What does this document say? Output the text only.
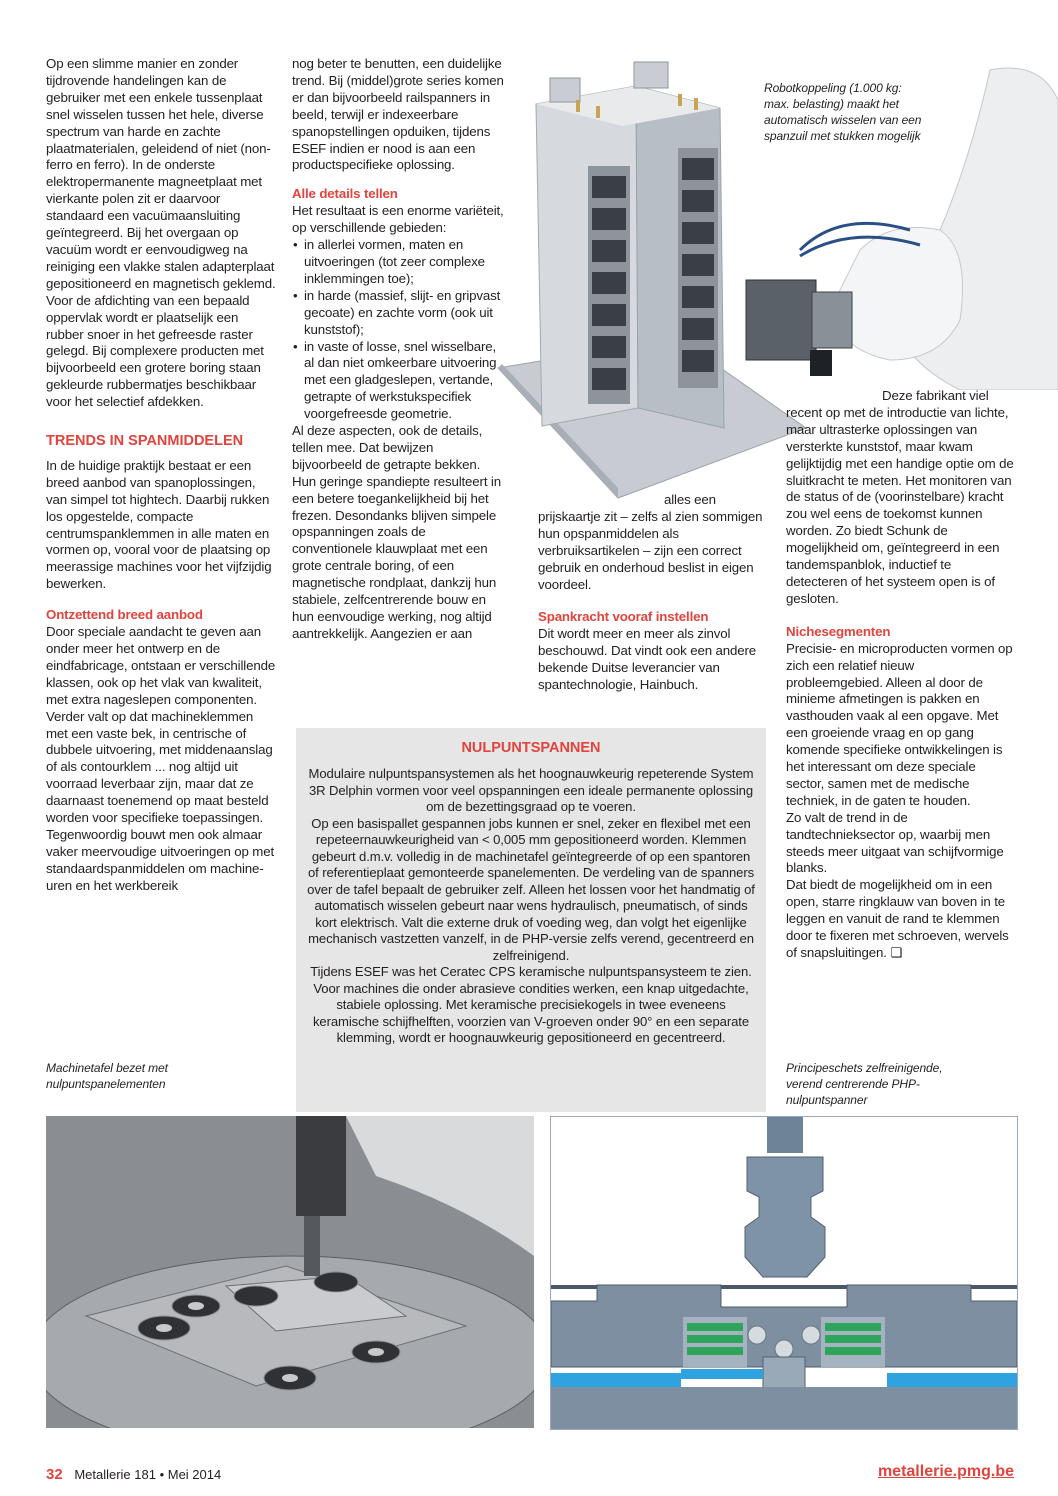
Op een slimme manier en zonder tijdrovende handelingen kan de gebruiker met een enkele tussenplaat snel wisselen tussen het hele, diverse spectrum van harde en zachte plaatmaterialen, geleidend of niet (non-ferro en ferro). In de onderste elektropermanente magneetplaat met vierkante polen zit er daarvoor standaard een vacuümaansluiting geïntegreerd. Bij het overgaan op vacuüm wordt er eenvoudigweg na reiniging een vlakke stalen adapterplaat gepositioneerd en magnetisch geklemd. Voor de afdichting van een bepaald oppervlak wordt er plaatselijk een rubber snoer in het gefreesde raster gelegd. Bij complexere producten met bijvoorbeeld een grotere boring staan gekleurde rubbermatjes beschikbaar voor het selectief afdekken.

TRENDS IN SPANMIDDELEN

In de huidige praktijk bestaat er een breed aanbod van spanoplossingen, van simpel tot hightech. Daarbij rukken los opgestelde, compacte centrumspanklemmen in alle maten en vormen op, vooral voor de plaatsing op meerassige machines voor het vijfzijdig bewerken.

Ontzettend breed aanbod

Door speciale aandacht te geven aan onder meer het ontwerp en de eindfabricage, ontstaan er verschillende klassen, ook op het vlak van kwaliteit, met extra nageslepen componenten. Verder valt op dat machineklemmen met een vaste bek, in centrische of dubbele uitvoering, met middenaanslag of als contourklem ... nog altijd uit voorraad leverbaar zijn, maar dat ze daarnaast toenemend op maat besteld worden voor specifieke toepassingen. Tegenwoordig bouwt men ook almaar vaker meervoudige uitvoeringen op met standaardspanmiddelen om machine-uren en het werkbereik

nog beter te benutten, een duidelijke trend. Bij (middel)grote series komen er dan bijvoorbeeld railspanners in beeld, terwijl er indexeerbare spanopstellingen opduiken, tijdens ESEF indien er nood is aan een productspecifieke oplossing.

Alle details tellen

Het resultaat is een enorme variëteit, op verschillende gebieden:

• in allerlei vormen, maten en uitvoeringen (tot zeer complexe inklemmingen toe);

• in harde (massief, slijt- en gripvast gecoate) en zachte vorm (ook uit kunststof);

• in vaste of losse, snel wisselbare, al dan niet omkeerbare uitvoering met een gladgeslepen, vertande, getrapte of werkstukspecifiek voorgefreesde geometrie.

Al deze aspecten, ook de details, tellen mee. Dat bewijzen bijvoorbeeld de getrapte bekken. Hun geringe spandiepte resulteert in een betere toegankelijkheid bij het frezen. Desondanks blijven simpele opspanningen zoals de conventionele klauwplaat met een grote centrale boring, of een magnetische rondplaat, dankzij hun stabiele, zelfcentrerende bouw en hun eenvoudige werking, nog altijd aantrekkelijk. Aangezien er aan

Robotkoppeling (1.000 kg: max. belasting) maakt het automatisch wisselen van een spanzuil met stukken mogelijk

alles een prijskaartje zit – zelfs al zien sommigen hun opspanmiddelen als verbruiksartikelen – zijn een correct gebruik en onderhoud beslist in eigen voordeel.

Spankracht vooraf instellen

Dit wordt meer en meer als zinvol beschouwd. Dat vindt ook een andere bekende Duitse leverancier van spantechnologie, Hainbuch.

Deze fabrikant viel recent op met de introductie van lichte, maar ultrasterke oplossingen van versterkte kunststof, maar kwam gelijktijdig met een handige optie om de sluitkracht te meten. Het monitoren van de status of de (voorinstelbare) kracht zou wel eens de toekomst kunnen worden. Zo biedt Schunk de mogelijkheid om, geïntegreerd in een tandemspanblok, inductief te detecteren of het systeem open is of gesloten.

Nichesegmenten

Precisie- en microproducten vormen op zich een relatief nieuw probleemgebied. Alleen al door de minieme afmetingen is pakken en vasthouden vaak al een opgave. Met een groeiende vraag en op gang komende specifieke ontwikkelingen is het interessant om deze speciale sector, samen met de medische techniek, in de gaten te houden.

Zo valt de trend in de tandtechnieksector op, waarbij men steeds meer uitgaat van schijfvormige blanks.

Dat biedt de mogelijkheid om in een open, starre ringklauw van boven in te leggen en vanuit de rand te klemmen door te fixeren met schroeven, wervels of snapsluitingen. ❑

NULPUNTSPANNEN

Modulaire nulpuntspansystemen als het hoognauwkeurig repeterende System 3R Delphin vormen voor veel opspanningen een ideale permanente oplossing om de bezettingsgraad op te voeren.

Op een basispallet gespannen jobs kunnen er snel, zeker en flexibel met een repeteernauwkeurigheid van < 0,005 mm gepositioneerd worden. Klemmen gebeurt d.m.v. volledig in de machinetafel geïntegreerde of op een spantoren of referentieplaat gemonteerde spanelementen. De verdeling van de spanners over de tafel bepaalt de gebruiker zelf. Alleen het lossen voor het handmatig of automatisch wisselen gebeurt naar wens hydraulisch, pneumatisch, of sinds kort elektrisch. Valt die externe druk of voeding weg, dan volgt het eigenlijke mechanisch vastzetten vanzelf, in de PHP-versie zelfs verend, gecentreerd en zelfreinigend.

Tijdens ESEF was het Ceratec CPS keramische nulpuntspansysteem te zien. Voor machines die onder abrasieve condities werken, een knap uitgedachte, stabiele oplossing. Met keramische precisiekogels in twee eveneens keramische schijfhelften, voorzien van V-groeven onder 90° en een separate klemming, wordt er hoognauwkeurig gepositioneerd en gecentreerd.

Machinetafel bezet met nulpuntspanelementen
Principeschets zelfreinigende, verend centrerende PHP-nulpuntspanner
32 Metallerie 181 • Mei 2014	metallerie.pmg.be
